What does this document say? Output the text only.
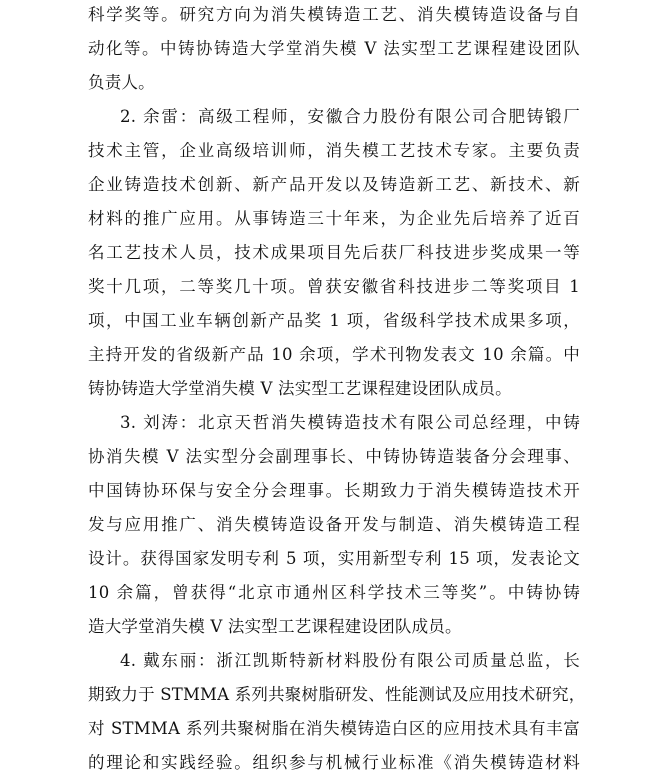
科学奖等。研究方向为消失模铸造工艺、消失模铸造设备与自
动化等。中铸协铸造大学堂消失模 V 法实型工艺课程建设团队
负责人。
2. 余雷：高级工程师，安徽合力股份有限公司合肥铸锻厂
技术主管，企业高级培训师，消失模工艺技术专家。主要负责
企业铸造技术创新、新产品开发以及铸造新工艺、新技术、新
材料的推广应用。从事铸造三十年来，为企业先后培养了近百
名工艺技术人员，技术成果项目先后获厂科技进步奖成果一等
奖十几项，二等奖几十项。曾获安徽省科技进步二等奖项目 1
项，中国工业车辆创新产品奖 1 项，省级科学技术成果多项，
主持开发的省级新产品 10 余项，学术刊物发表文 10 余篇。中
铸协铸造大学堂消失模 V 法实型工艺课程建设团队成员。
3. 刘涛：北京天哲消失模铸造技术有限公司总经理，中铸
协消失模 V 法实型分会副理事长、中铸协铸造装备分会理事、
中国铸协环保与安全分会理事。长期致力于消失模铸造技术开
发与应用推广、消失模铸造设备开发与制造、消失模铸造工程
设计。获得国家发明专利 5 项，实用新型专利 15 项，发表论文
10 余篇，曾获得“北京市通州区科学技术三等奖”。中铸协铸
造大学堂消失模 V 法实型工艺课程建设团队成员。
4. 戴东丽：浙江凯斯特新材料股份有限公司质量总监，长
期致力于 STMMA 系列共聚树脂研发、性能测试及应用技术研究，
对 STMMA 系列共聚树脂在消失模铸造白区的应用技术具有丰富
的理论和实践经验。组织参与机械行业标准《消失模铸造材料
